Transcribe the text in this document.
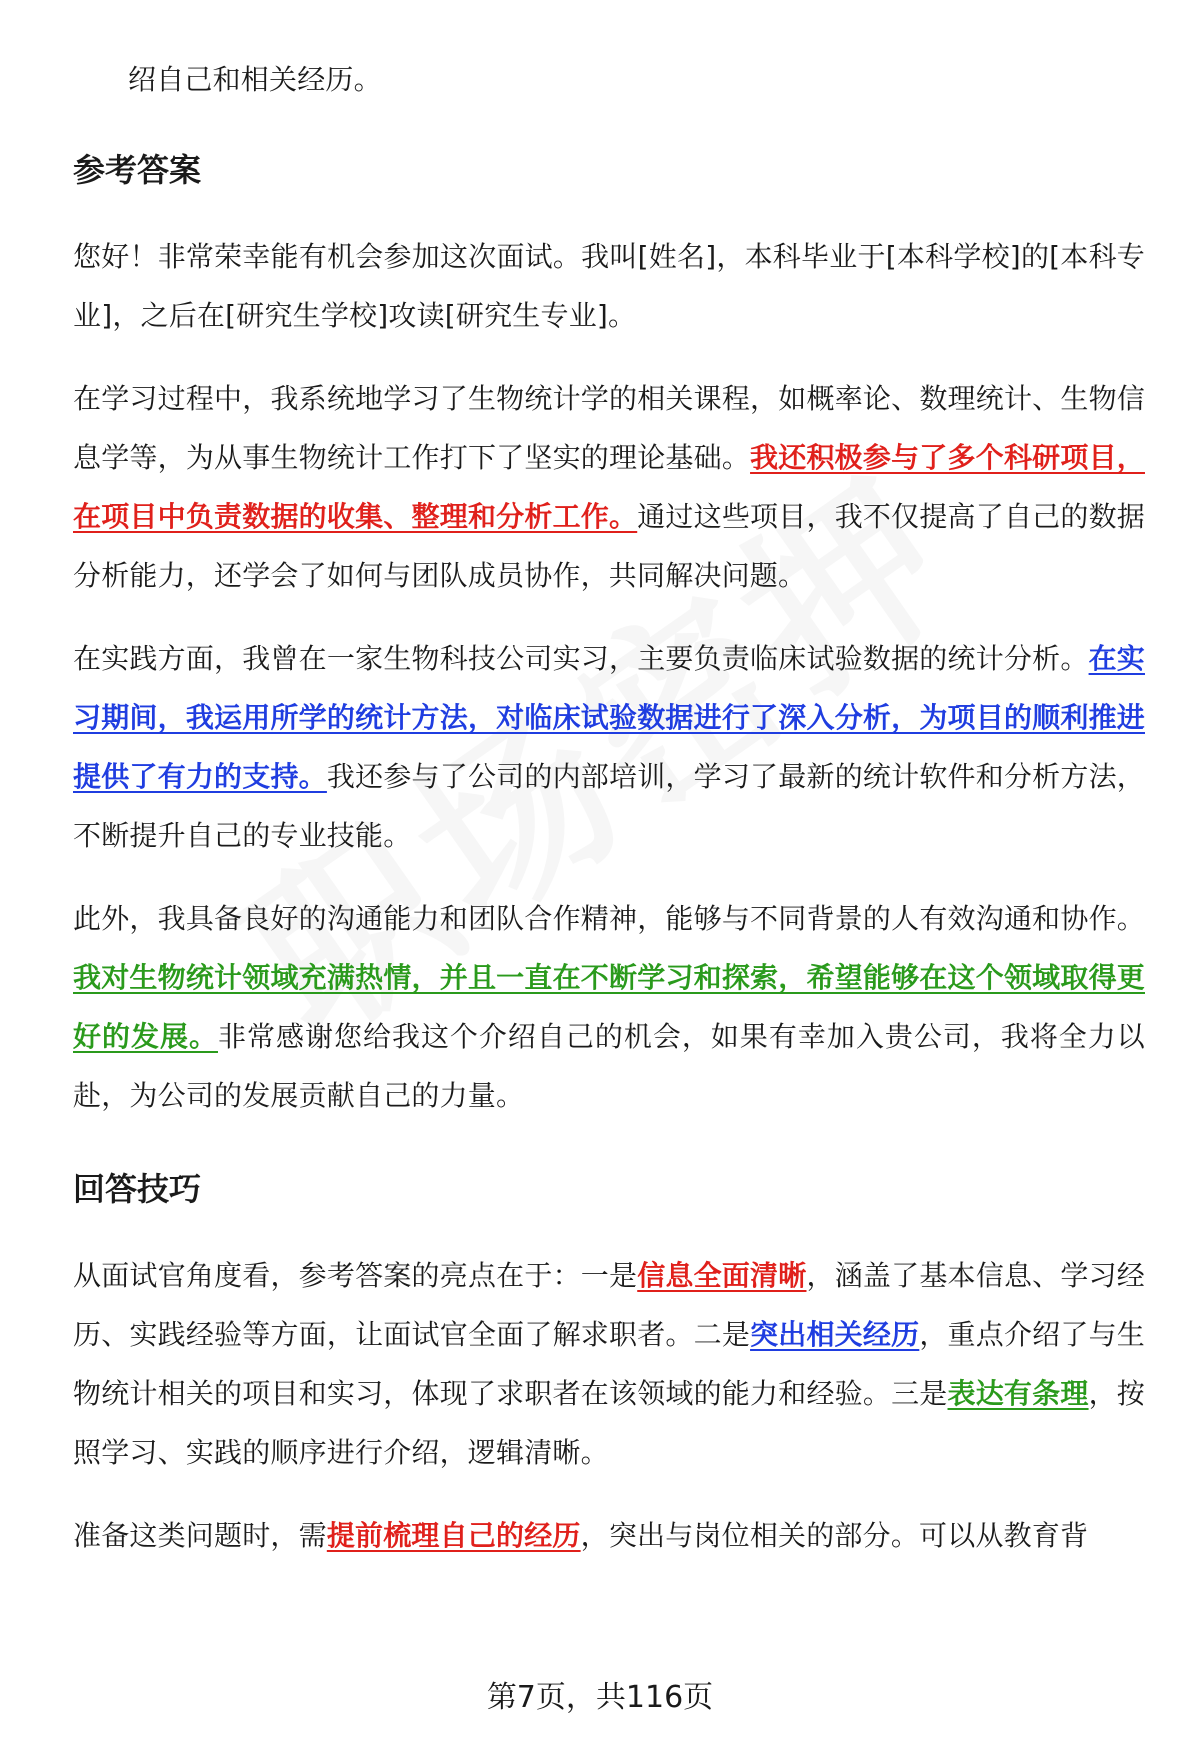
绍自己和相关经历。

参考答案

您好！非常荣幸能有机会参加这次面试。我叫[姓名]，本科毕业于[本科学校]的[本科专业]，之后在[研究生学校]攻读[研究生专业]。

在学习过程中，我系统地学习了生物统计学的相关课程，如概率论、数理统计、生物信息学等，为从事生物统计工作打下了坚实的理论基础。我还积极参与了多个科研项目，在项目中负责数据的收集、整理和分析工作。通过这些项目，我不仅提高了自己的数据分析能力，还学会了如何与团队成员协作，共同解决问题。

在实践方面，我曾在一家生物科技公司实习，主要负责临床试验数据的统计分析。在实习期间，我运用所学的统计方法，对临床试验数据进行了深入分析，为项目的顺利推进提供了有力的支持。我还参与了公司的内部培训，学习了最新的统计软件和分析方法，不断提升自己的专业技能。

此外，我具备良好的沟通能力和团队合作精神，能够与不同背景的人有效沟通和协作。我对生物统计领域充满热情，并且一直在不断学习和探索，希望能够在这个领域取得更好的发展。非常感谢您给我这个介绍自己的机会，如果有幸加入贵公司，我将全力以赴，为公司的发展贡献自己的力量。

回答技巧

从面试官角度看，参考答案的亮点在于：一是信息全面清晰，涵盖了基本信息、学习经历、实践经验等方面，让面试官全面了解求职者。二是突出相关经历，重点介绍了与生物统计相关的项目和实习，体现了求职者在该领域的能力和经验。三是表达有条理，按照学习、实践的顺序进行介绍，逻辑清晰。

准备这类问题时，需提前梳理自己的经历，突出与岗位相关的部分。可以从教育背

第7页，共116页
